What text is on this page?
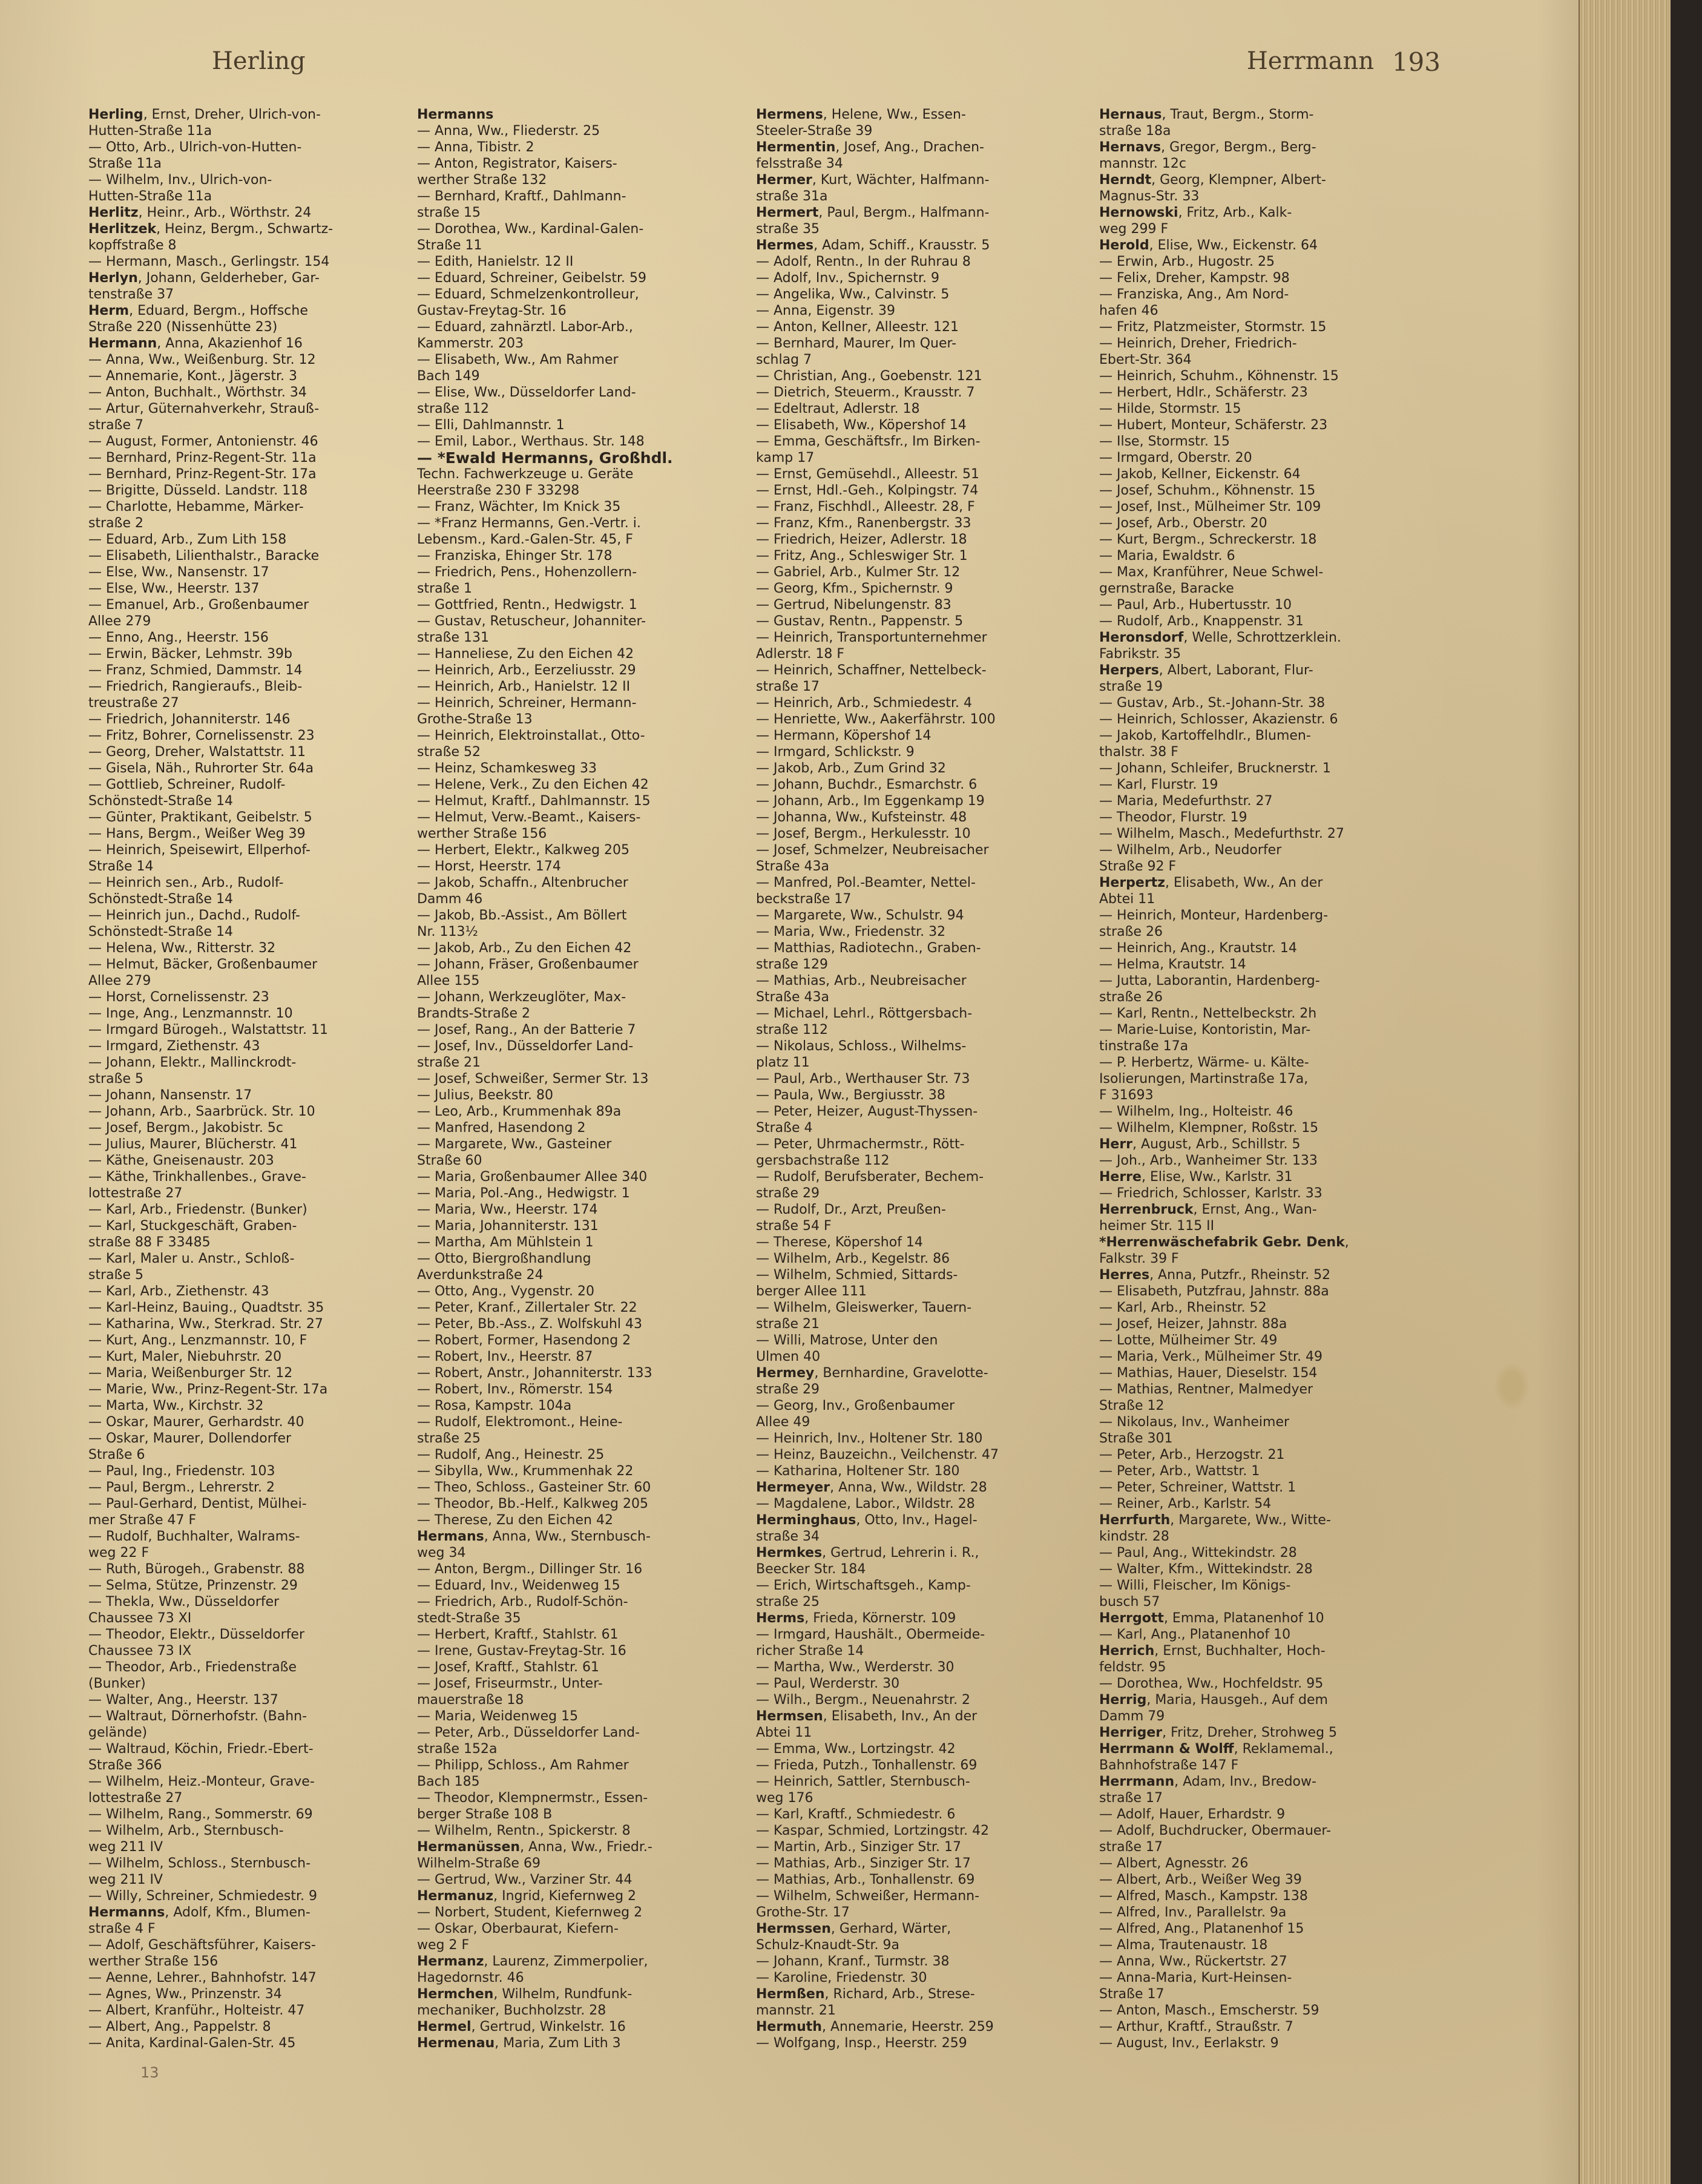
Herling	Herrmann 193

Herling, Ernst, Dreher, Ulrich-von-

Hutten-Straße 11a

— Otto, Arb., Ulrich-von-Hutten-

Straße 11a

— Wilhelm, Inv., Ulrich-von-

Hutten-Straße 11a

Herlitz, Heinr., Arb., Wörthstr. 24

Herlitzek, Heinz, Bergm., Schwartz-

kopffstraße 8

— Hermann, Masch., Gerlingstr. 154

Herlyn, Johann, Gelderheber, Gar-

tenstraße 37

Herm, Eduard, Bergm., Hoffsche

Straße 220 (Nissenhütte 23)

Hermann, Anna, Akazienhof 16

— Anna, Ww., Weißenburg. Str. 12

— Annemarie, Kont., Jägerstr. 3

— Anton, Buchhalt., Wörthstr. 34

— Artur, Güternahverkehr, Strauß-

straße 7

— August, Former, Antonienstr. 46

— Bernhard, Prinz-Regent-Str. 11a

— Bernhard, Prinz-Regent-Str. 17a

— Brigitte, Düsseld. Landstr. 118

— Charlotte, Hebamme, Märker-

straße 2

— Eduard, Arb., Zum Lith 158

— Elisabeth, Lilienthalstr., Baracke

— Else, Ww., Nansenstr. 17

— Else, Ww., Heerstr. 137

— Emanuel, Arb., Großenbaumer

Allee 279

— Enno, Ang., Heerstr. 156

— Erwin, Bäcker, Lehmstr. 39b

— Franz, Schmied, Dammstr. 14

— Friedrich, Rangieraufs., Bleib-

treustraße 27

— Friedrich, Johanniterstr. 146

— Fritz, Bohrer, Cornelissenstr. 23

— Georg, Dreher, Walstattstr. 11

— Gisela, Näh., Ruhrorter Str. 64a

— Gottlieb, Schreiner, Rudolf-

Schönstedt-Straße 14

— Günter, Praktikant, Geibelstr. 5

— Hans, Bergm., Weißer Weg 39

— Heinrich, Speisewirt, Ellperhof-

Straße 14

— Heinrich sen., Arb., Rudolf-

Schönstedt-Straße 14

— Heinrich jun., Dachd., Rudolf-

Schönstedt-Straße 14

— Helena, Ww., Ritterstr. 32

— Helmut, Bäcker, Großenbaumer

Allee 279

— Horst, Cornelissenstr. 23

— Inge, Ang., Lenzmannstr. 10

— Irmgard Bürogeh., Walstattstr. 11

— Irmgard, Ziethenstr. 43

— Johann, Elektr., Mallinckrodt-

straße 5

— Johann, Nansenstr. 17

— Johann, Arb., Saarbrück. Str. 10

— Josef, Bergm., Jakobistr. 5c

— Julius, Maurer, Blücherstr. 41

— Käthe, Gneisenaustr. 203

— Käthe, Trinkhallenbes., Grave-

lottestraße 27

— Karl, Arb., Friedenstr. (Bunker)

— Karl, Stuckgeschäft, Graben-

straße 88 F 33485

— Karl, Maler u. Anstr., Schloß-

straße 5

— Karl, Arb., Ziethenstr. 43

— Karl-Heinz, Bauing., Quadtstr. 35

— Katharina, Ww., Sterkrad. Str. 27

— Kurt, Ang., Lenzmannstr. 10, F

— Kurt, Maler, Niebuhrstr. 20

— Maria, Weißenburger Str. 12

— Marie, Ww., Prinz-Regent-Str. 17a

— Marta, Ww., Kirchstr. 32

— Oskar, Maurer, Gerhardstr. 40

— Oskar, Maurer, Dollendorfer

Straße 6

— Paul, Ing., Friedenstr. 103

— Paul, Bergm., Lehrerstr. 2

— Paul-Gerhard, Dentist, Mülhei-

mer Straße 47 F

— Rudolf, Buchhalter, Walrams-

weg 22 F

— Ruth, Bürogeh., Grabenstr. 88

— Selma, Stütze, Prinzenstr. 29

— Thekla, Ww., Düsseldorfer

Chaussee 73 XI

— Theodor, Elektr., Düsseldorfer

Chaussee 73 IX

— Theodor, Arb., Friedenstraße

(Bunker)

— Walter, Ang., Heerstr. 137

— Waltraut, Dörnerhofstr. (Bahn-

gelände)

— Waltraud, Köchin, Friedr.-Ebert-

Straße 366

— Wilhelm, Heiz.-Monteur, Grave-

lottestraße 27

— Wilhelm, Rang., Sommerstr. 69

— Wilhelm, Arb., Sternbusch-

weg 211 IV

— Wilhelm, Schloss., Sternbusch-

weg 211 IV

— Willy, Schreiner, Schmiedestr. 9

Hermanns, Adolf, Kfm., Blumen-

straße 4 F

— Adolf, Geschäftsführer, Kaisers-

werther Straße 156

— Aenne, Lehrer., Bahnhofstr. 147

— Agnes, Ww., Prinzenstr. 34

— Albert, Kranführ., Holteistr. 47

— Albert, Ang., Pappelstr. 8

— Anita, Kardinal-Galen-Str. 45

Hermanns

— Anna, Ww., Fliederstr. 25

— Anna, Tibistr. 2

— Anton, Registrator, Kaisers-

werther Straße 132

— Bernhard, Kraftf., Dahlmann-

straße 15

— Dorothea, Ww., Kardinal-Galen-

Straße 11

— Edith, Hanielstr. 12 II

— Eduard, Schreiner, Geibelstr. 59

— Eduard, Schmelzenkontrolleur,

Gustav-Freytag-Str. 16

— Eduard, zahnärztl. Labor-Arb.,

Kammerstr. 203

— Elisabeth, Ww., Am Rahmer

Bach 149

— Elise, Ww., Düsseldorfer Land-

straße 112

— Elli, Dahlmannstr. 1

— Emil, Labor., Werthaus. Str. 148

— *Ewald Hermanns, Großhdl.

Techn. Fachwerkzeuge u. Geräte

Heerstraße 230 F 33298

— Franz, Wächter, Im Knick 35

— *Franz Hermanns, Gen.-Vertr. i.

Lebensm., Kard.-Galen-Str. 45, F

— Franziska, Ehinger Str. 178

— Friedrich, Pens., Hohenzollern-

straße 1

— Gottfried, Rentn., Hedwigstr. 1

— Gustav, Retuscheur, Johanniter-

straße 131

— Hanneliese, Zu den Eichen 42

— Heinrich, Arb., Eerzeliusstr. 29

— Heinrich, Arb., Hanielstr. 12 II

— Heinrich, Schreiner, Hermann-

Grothe-Straße 13

— Heinrich, Elektroinstallat., Otto-

straße 52

— Heinz, Schamkesweg 33

— Helene, Verk., Zu den Eichen 42

— Helmut, Kraftf., Dahlmannstr. 15

— Helmut, Verw.-Beamt., Kaisers-

werther Straße 156

— Herbert, Elektr., Kalkweg 205

— Horst, Heerstr. 174

— Jakob, Schaffn., Altenbrucher

Damm 46

— Jakob, Bb.-Assist., Am Böllert

Nr. 113½

— Jakob, Arb., Zu den Eichen 42

— Johann, Fräser, Großenbaumer

Allee 155

— Johann, Werkzeuglöter, Max-

Brandts-Straße 2

— Josef, Rang., An der Batterie 7

— Josef, Inv., Düsseldorfer Land-

straße 21

— Josef, Schweißer, Sermer Str. 13

— Julius, Beekstr. 80

— Leo, Arb., Krummenhak 89a

— Manfred, Hasendong 2

— Margarete, Ww., Gasteiner

Straße 60

— Maria, Großenbaumer Allee 340

— Maria, Pol.-Ang., Hedwigstr. 1

— Maria, Ww., Heerstr. 174

— Maria, Johanniterstr. 131

— Martha, Am Mühlstein 1

— Otto, Biergroßhandlung

Averdunkstraße 24

— Otto, Ang., Vygenstr. 20

— Peter, Kranf., Zillertaler Str. 22

— Peter, Bb.-Ass., Z. Wolfskuhl 43

— Robert, Former, Hasendong 2

— Robert, Inv., Heerstr. 87

— Robert, Anstr., Johanniterstr. 133

— Robert, Inv., Römerstr. 154

— Rosa, Kampstr. 104a

— Rudolf, Elektromont., Heine-

straße 25

— Rudolf, Ang., Heinestr. 25

— Sibylla, Ww., Krummenhak 22

— Theo, Schloss., Gasteiner Str. 60

— Theodor, Bb.-Helf., Kalkweg 205

— Therese, Zu den Eichen 42

Hermans, Anna, Ww., Sternbusch-

weg 34

— Anton, Bergm., Dillinger Str. 16

— Eduard, Inv., Weidenweg 15

— Friedrich, Arb., Rudolf-Schön-

stedt-Straße 35

— Herbert, Kraftf., Stahlstr. 61

— Irene, Gustav-Freytag-Str. 16

— Josef, Kraftf., Stahlstr. 61

— Josef, Friseurmstr., Unter-

mauerstraße 18

— Maria, Weidenweg 15

— Peter, Arb., Düsseldorfer Land-

straße 152a

— Philipp, Schloss., Am Rahmer

Bach 185

— Theodor, Klempnermstr., Essen-

berger Straße 108 B

— Wilhelm, Rentn., Spickerstr. 8

Hermanüssen, Anna, Ww., Friedr.-

Wilhelm-Straße 69

— Gertrud, Ww., Varziner Str. 44

Hermanuz, Ingrid, Kiefernweg 2

— Norbert, Student, Kiefernweg 2

— Oskar, Oberbaurat, Kiefern-

weg 2 F

Hermanz, Laurenz, Zimmerpolier,

Hagedornstr. 46

Hermchen, Wilhelm, Rundfunk-

mechaniker, Buchholzstr. 28

Hermel, Gertrud, Winkelstr. 16

Hermenau, Maria, Zum Lith 3

Hermens, Helene, Ww., Essen-

Steeler-Straße 39

Hermentin, Josef, Ang., Drachen-

felsstraße 34

Hermer, Kurt, Wächter, Halfmann-

straße 31a

Hermert, Paul, Bergm., Halfmann-

straße 35

Hermes, Adam, Schiff., Krausstr. 5

— Adolf, Rentn., In der Ruhrau 8

— Adolf, Inv., Spichernstr. 9

— Angelika, Ww., Calvinstr. 5

— Anna, Eigenstr. 39

— Anton, Kellner, Alleestr. 121

— Bernhard, Maurer, Im Quer-

schlag 7

— Christian, Ang., Goebenstr. 121

— Dietrich, Steuerm., Krausstr. 7

— Edeltraut, Adlerstr. 18

— Elisabeth, Ww., Köpershof 14

— Emma, Geschäftsfr., Im Birken-

kamp 17

— Ernst, Gemüsehdl., Alleestr. 51

— Ernst, Hdl.-Geh., Kolpingstr. 74

— Franz, Fischhdl., Alleestr. 28, F

— Franz, Kfm., Ranenbergstr. 33

— Friedrich, Heizer, Adlerstr. 18

— Fritz, Ang., Schleswiger Str. 1

— Gabriel, Arb., Kulmer Str. 12

— Georg, Kfm., Spichernstr. 9

— Gertrud, Nibelungenstr. 83

— Gustav, Rentn., Pappenstr. 5

— Heinrich, Transportunternehmer

Adlerstr. 18 F

— Heinrich, Schaffner, Nettelbeck-

straße 17

— Heinrich, Arb., Schmiedestr. 4

— Henriette, Ww., Aakerfährstr. 100

— Hermann, Köpershof 14

— Irmgard, Schlickstr. 9

— Jakob, Arb., Zum Grind 32

— Johann, Buchdr., Esmarchstr. 6

— Johann, Arb., Im Eggenkamp 19

— Johanna, Ww., Kufsteinstr. 48

— Josef, Bergm., Herkulesstr. 10

— Josef, Schmelzer, Neubreisacher

Straße 43a

— Manfred, Pol.-Beamter, Nettel-

beckstraße 17

— Margarete, Ww., Schulstr. 94

— Maria, Ww., Friedenstr. 32

— Matthias, Radiotechn., Graben-

straße 129

— Mathias, Arb., Neubreisacher

Straße 43a

— Michael, Lehrl., Röttgersbach-

straße 112

— Nikolaus, Schloss., Wilhelms-

platz 11

— Paul, Arb., Werthauser Str. 73

— Paula, Ww., Bergiusstr. 38

— Peter, Heizer, August-Thyssen-

Straße 4

— Peter, Uhrmachermstr., Rött-

gersbachstraße 112

— Rudolf, Berufsberater, Bechem-

straße 29

— Rudolf, Dr., Arzt, Preußen-

straße 54 F

— Therese, Köpershof 14

— Wilhelm, Arb., Kegelstr. 86

— Wilhelm, Schmied, Sittards-

berger Allee 111

— Wilhelm, Gleiswerker, Tauern-

straße 21

— Willi, Matrose, Unter den

Ulmen 40

Hermey, Bernhardine, Gravelotte-

straße 29

— Georg, Inv., Großenbaumer

Allee 49

— Heinrich, Inv., Holtener Str. 180

— Heinz, Bauzeichn., Veilchenstr. 47

— Katharina, Holtener Str. 180

Hermeyer, Anna, Ww., Wildstr. 28

— Magdalene, Labor., Wildstr. 28

Herminghaus, Otto, Inv., Hagel-

straße 34

Hermkes, Gertrud, Lehrerin i. R.,

Beecker Str. 184

— Erich, Wirtschaftsgeh., Kamp-

straße 25

Herms, Frieda, Körnerstr. 109

— Irmgard, Haushält., Obermeide-

richer Straße 14

— Martha, Ww., Werderstr. 30

— Paul, Werderstr. 30

— Wilh., Bergm., Neuenahrstr. 2

Hermsen, Elisabeth, Inv., An der

Abtei 11

— Emma, Ww., Lortzingstr. 42

— Frieda, Putzh., Tonhallenstr. 69

— Heinrich, Sattler, Sternbusch-

weg 176

— Karl, Kraftf., Schmiedestr. 6

— Kaspar, Schmied, Lortzingstr. 42

— Martin, Arb., Sinziger Str. 17

— Mathias, Arb., Sinziger Str. 17

— Mathias, Arb., Tonhallenstr. 69

— Wilhelm, Schweißer, Hermann-

Grothe-Str. 17

Hermssen, Gerhard, Wärter,

Schulz-Knaudt-Str. 9a

— Johann, Kranf., Turmstr. 38

— Karoline, Friedenstr. 30

Hermßen, Richard, Arb., Strese-

mannstr. 21

Hermuth, Annemarie, Heerstr. 259

— Wolfgang, Insp., Heerstr. 259

Hernaus, Traut, Bergm., Storm-

straße 18a

Hernavs, Gregor, Bergm., Berg-

mannstr. 12c

Herndt, Georg, Klempner, Albert-

Magnus-Str. 33

Hernowski, Fritz, Arb., Kalk-

weg 299 F

Herold, Elise, Ww., Eickenstr. 64

— Erwin, Arb., Hugostr. 25

— Felix, Dreher, Kampstr. 98

— Franziska, Ang., Am Nord-

hafen 46

— Fritz, Platzmeister, Stormstr. 15

— Heinrich, Dreher, Friedrich-

Ebert-Str. 364

— Heinrich, Schuhm., Köhnenstr. 15

— Herbert, Hdlr., Schäferstr. 23

— Hilde, Stormstr. 15

— Hubert, Monteur, Schäferstr. 23

— Ilse, Stormstr. 15

— Irmgard, Oberstr. 20

— Jakob, Kellner, Eickenstr. 64

— Josef, Schuhm., Köhnenstr. 15

— Josef, Inst., Mülheimer Str. 109

— Josef, Arb., Oberstr. 20

— Kurt, Bergm., Schreckerstr. 18

— Maria, Ewaldstr. 6

— Max, Kranführer, Neue Schwel-

gernstraße, Baracke

— Paul, Arb., Hubertusstr. 10

— Rudolf, Arb., Knappenstr. 31

Heronsdorf, Welle, Schrottzerklein.

Fabrikstr. 35

Herpers, Albert, Laborant, Flur-

straße 19

— Gustav, Arb., St.-Johann-Str. 38

— Heinrich, Schlosser, Akazienstr. 6

— Jakob, Kartoffelhdlr., Blumen-

thalstr. 38 F

— Johann, Schleifer, Brucknerstr. 1

— Karl, Flurstr. 19

— Maria, Medefurthstr. 27

— Theodor, Flurstr. 19

— Wilhelm, Masch., Medefurthstr. 27

— Wilhelm, Arb., Neudorfer

Straße 92 F

Herpertz, Elisabeth, Ww., An der

Abtei 11

— Heinrich, Monteur, Hardenberg-

straße 26

— Heinrich, Ang., Krautstr. 14

— Helma, Krautstr. 14

— Jutta, Laborantin, Hardenberg-

straße 26

— Karl, Rentn., Nettelbeckstr. 2h

— Marie-Luise, Kontoristin, Mar-

tinstraße 17a

— P. Herbertz, Wärme- u. Kälte-

Isolierungen, Martinstraße 17a,

F 31693

— Wilhelm, Ing., Holteistr. 46

— Wilhelm, Klempner, Roßstr. 15

Herr, August, Arb., Schillstr. 5

— Joh., Arb., Wanheimer Str. 133

Herre, Elise, Ww., Karlstr. 31

— Friedrich, Schlosser, Karlstr. 33

Herrenbruck, Ernst, Ang., Wan-

heimer Str. 115 II

*Herrenwäschefabrik Gebr. Denk,

Falkstr. 39 F

Herres, Anna, Putzfr., Rheinstr. 52

— Elisabeth, Putzfrau, Jahnstr. 88a

— Karl, Arb., Rheinstr. 52

— Josef, Heizer, Jahnstr. 88a

— Lotte, Mülheimer Str. 49

— Maria, Verk., Mülheimer Str. 49

— Mathias, Hauer, Dieselstr. 154

— Mathias, Rentner, Malmedyer

Straße 12

— Nikolaus, Inv., Wanheimer

Straße 301

— Peter, Arb., Herzogstr. 21

— Peter, Arb., Wattstr. 1

— Peter, Schreiner, Wattstr. 1

— Reiner, Arb., Karlstr. 54

Herrfurth, Margarete, Ww., Witte-

kindstr. 28

— Paul, Ang., Wittekindstr. 28

— Walter, Kfm., Wittekindstr. 28

— Willi, Fleischer, Im Königs-

busch 57

Herrgott, Emma, Platanenhof 10

— Karl, Ang., Platanenhof 10

Herrich, Ernst, Buchhalter, Hoch-

feldstr. 95

— Dorothea, Ww., Hochfeldstr. 95

Herrig, Maria, Hausgeh., Auf dem

Damm 79

Herriger, Fritz, Dreher, Strohweg 5

Herrmann & Wolff, Reklamemal.,

Bahnhofstraße 147 F

Herrmann, Adam, Inv., Bredow-

straße 17

— Adolf, Hauer, Erhardstr. 9

— Adolf, Buchdrucker, Obermauer-

straße 17

— Albert, Agnesstr. 26

— Albert, Arb., Weißer Weg 39

— Alfred, Masch., Kampstr. 138

— Alfred, Inv., Parallelstr. 9a

— Alfred, Ang., Platanenhof 15

— Alma, Trautenaustr. 18

— Anna, Ww., Rückertstr. 27

— Anna-Maria, Kurt-Heinsen-

Straße 17

— Anton, Masch., Emscherstr. 59

— Arthur, Kraftf., Straußstr. 7

— August, Inv., Eerlakstr. 9

13
